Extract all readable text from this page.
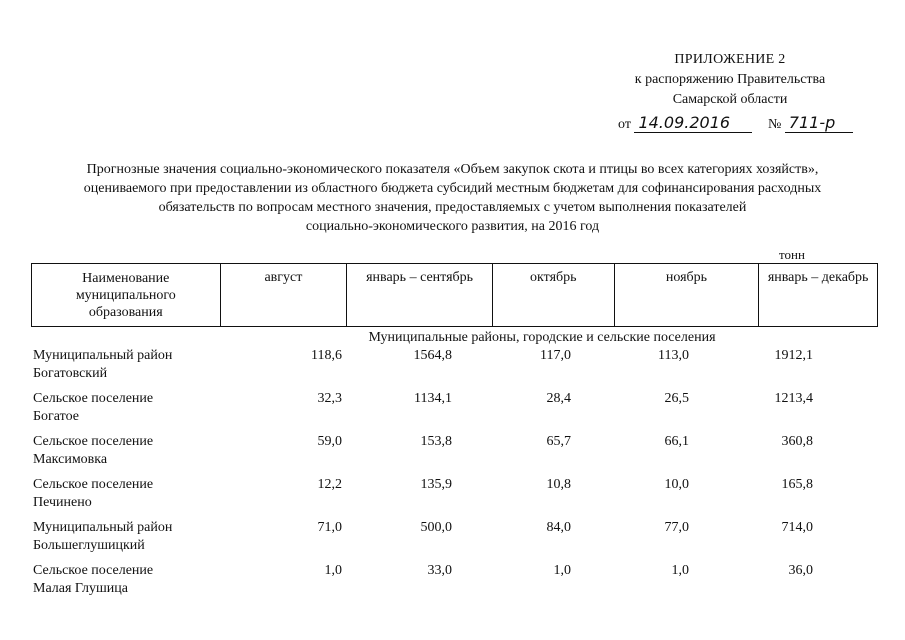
ПРИЛОЖЕНИЕ 2
к распоряжению Правительства
Самарской области
от 14.09.2016	№ 711-р
Прогнозные значения социально-экономического показателя «Объем закупок скота и птицы во всех категориях хозяйств»,
оцениваемого при предоставлении из областного бюджета субсидий местным бюджетам для софинансирования расходных
обязательств по вопросам местного значения, предоставляемых с учетом выполнения показателей
социально-экономического развития, на 2016 год
тонн
Наименование
муниципального
образования
август	январь – сентябрь	октябрь	ноябрь	январь – декабрь
Муниципальные районы, городские и сельские поселения
Муниципальный район
Богатовский
118,6	1564,8	117,0	113,0	1912,1
Сельское поселение
Богатое
32,3	1134,1	28,4	26,5	1213,4
Сельское поселение
Максимовка
59,0	153,8	65,7	66,1	360,8
Сельское поселение
Печинено
12,2	135,9	10,8	10,0	165,8
Муниципальный район
Большеглушицкий
71,0	500,0	84,0	77,0	714,0
Сельское поселение
Малая Глушица
1,0	33,0	1,0	1,0	36,0
